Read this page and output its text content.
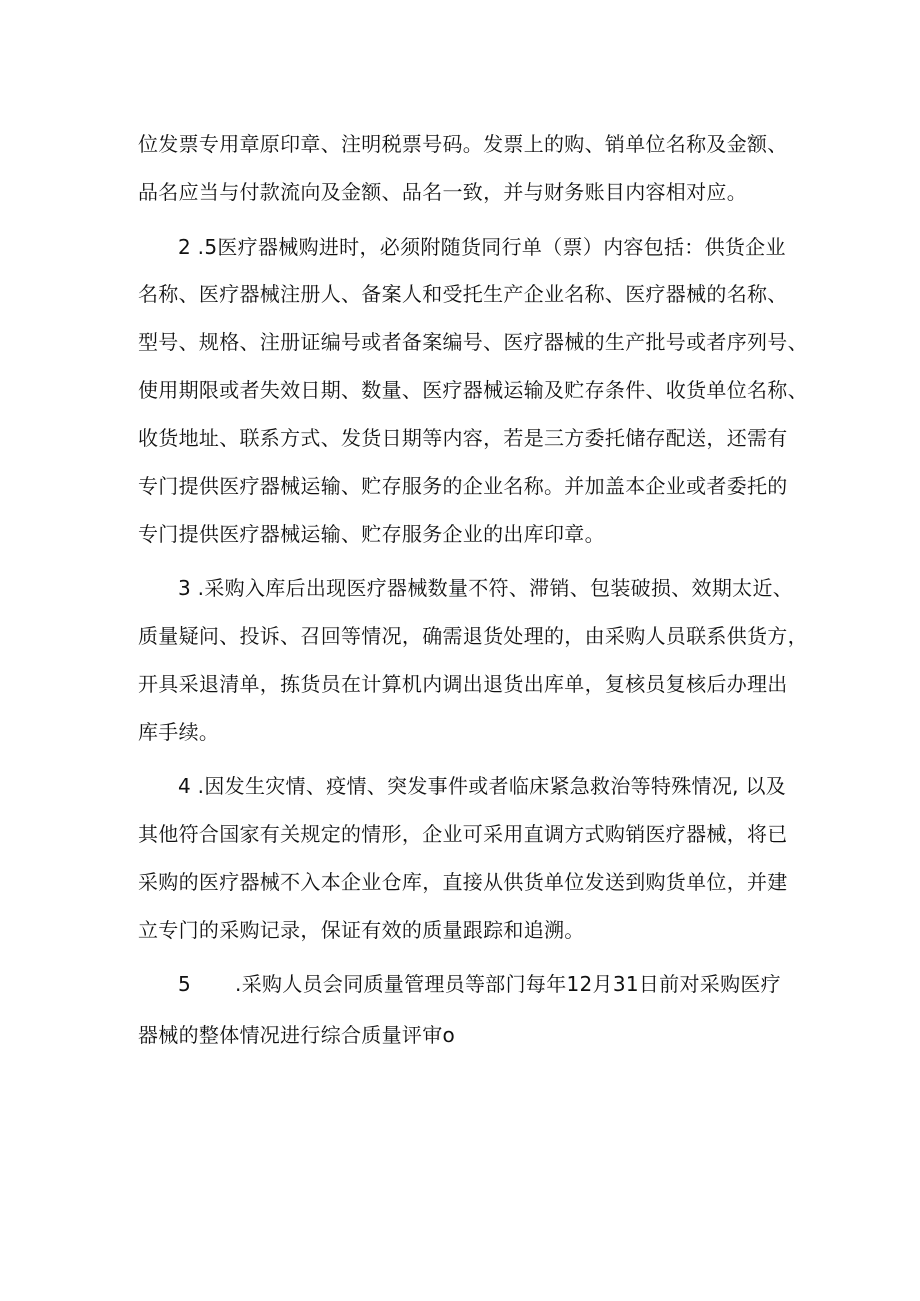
位发票专用章原印章、注明税票号码。发票上的购、销单位名称及金额、
品名应当与付款流向及金额、品名一致，并与财务账目内容相对应。
2 .5医疗器械购进时，必须附随货同行单（票）内容包括：供货企业
名称、医疗器械注册人、备案人和受托生产企业名称、医疗器械的名称、
型号、规格、注册证编号或者备案编号、医疗器械的生产批号或者序列号、
使用期限或者失效日期、数量、医疗器械运输及贮存条件、收货单位名称、
收货地址、联系方式、发货日期等内容，若是三方委托储存配送，还需有
专门提供医疗器械运输、贮存服务的企业名称。并加盖本企业或者委托的
专门提供医疗器械运输、贮存服务企业的出库印章。
3 .采购入库后出现医疗器械数量不符、滞销、包装破损、效期太近、
质量疑问、投诉、召回等情况，确需退货处理的，由采购人员联系供货方，
开具采退清单，拣货员在计算机内调出退货出库单，复核员复核后办理出
库手续。
4 .因发生灾情、疫情、突发事件或者临床紧急救治等特殊情况, 以及
其他符合国家有关规定的情形，企业可采用直调方式购销医疗器械，将已
采购的医疗器械不入本企业仓库，直接从供货单位发送到购货单位，并建
立专门的采购记录，保证有效的质量跟踪和追溯。
5 .采购人员会同质量管理员等部门每年12月31日前对采购医疗
器械的整体情况进行综合质量评审o
